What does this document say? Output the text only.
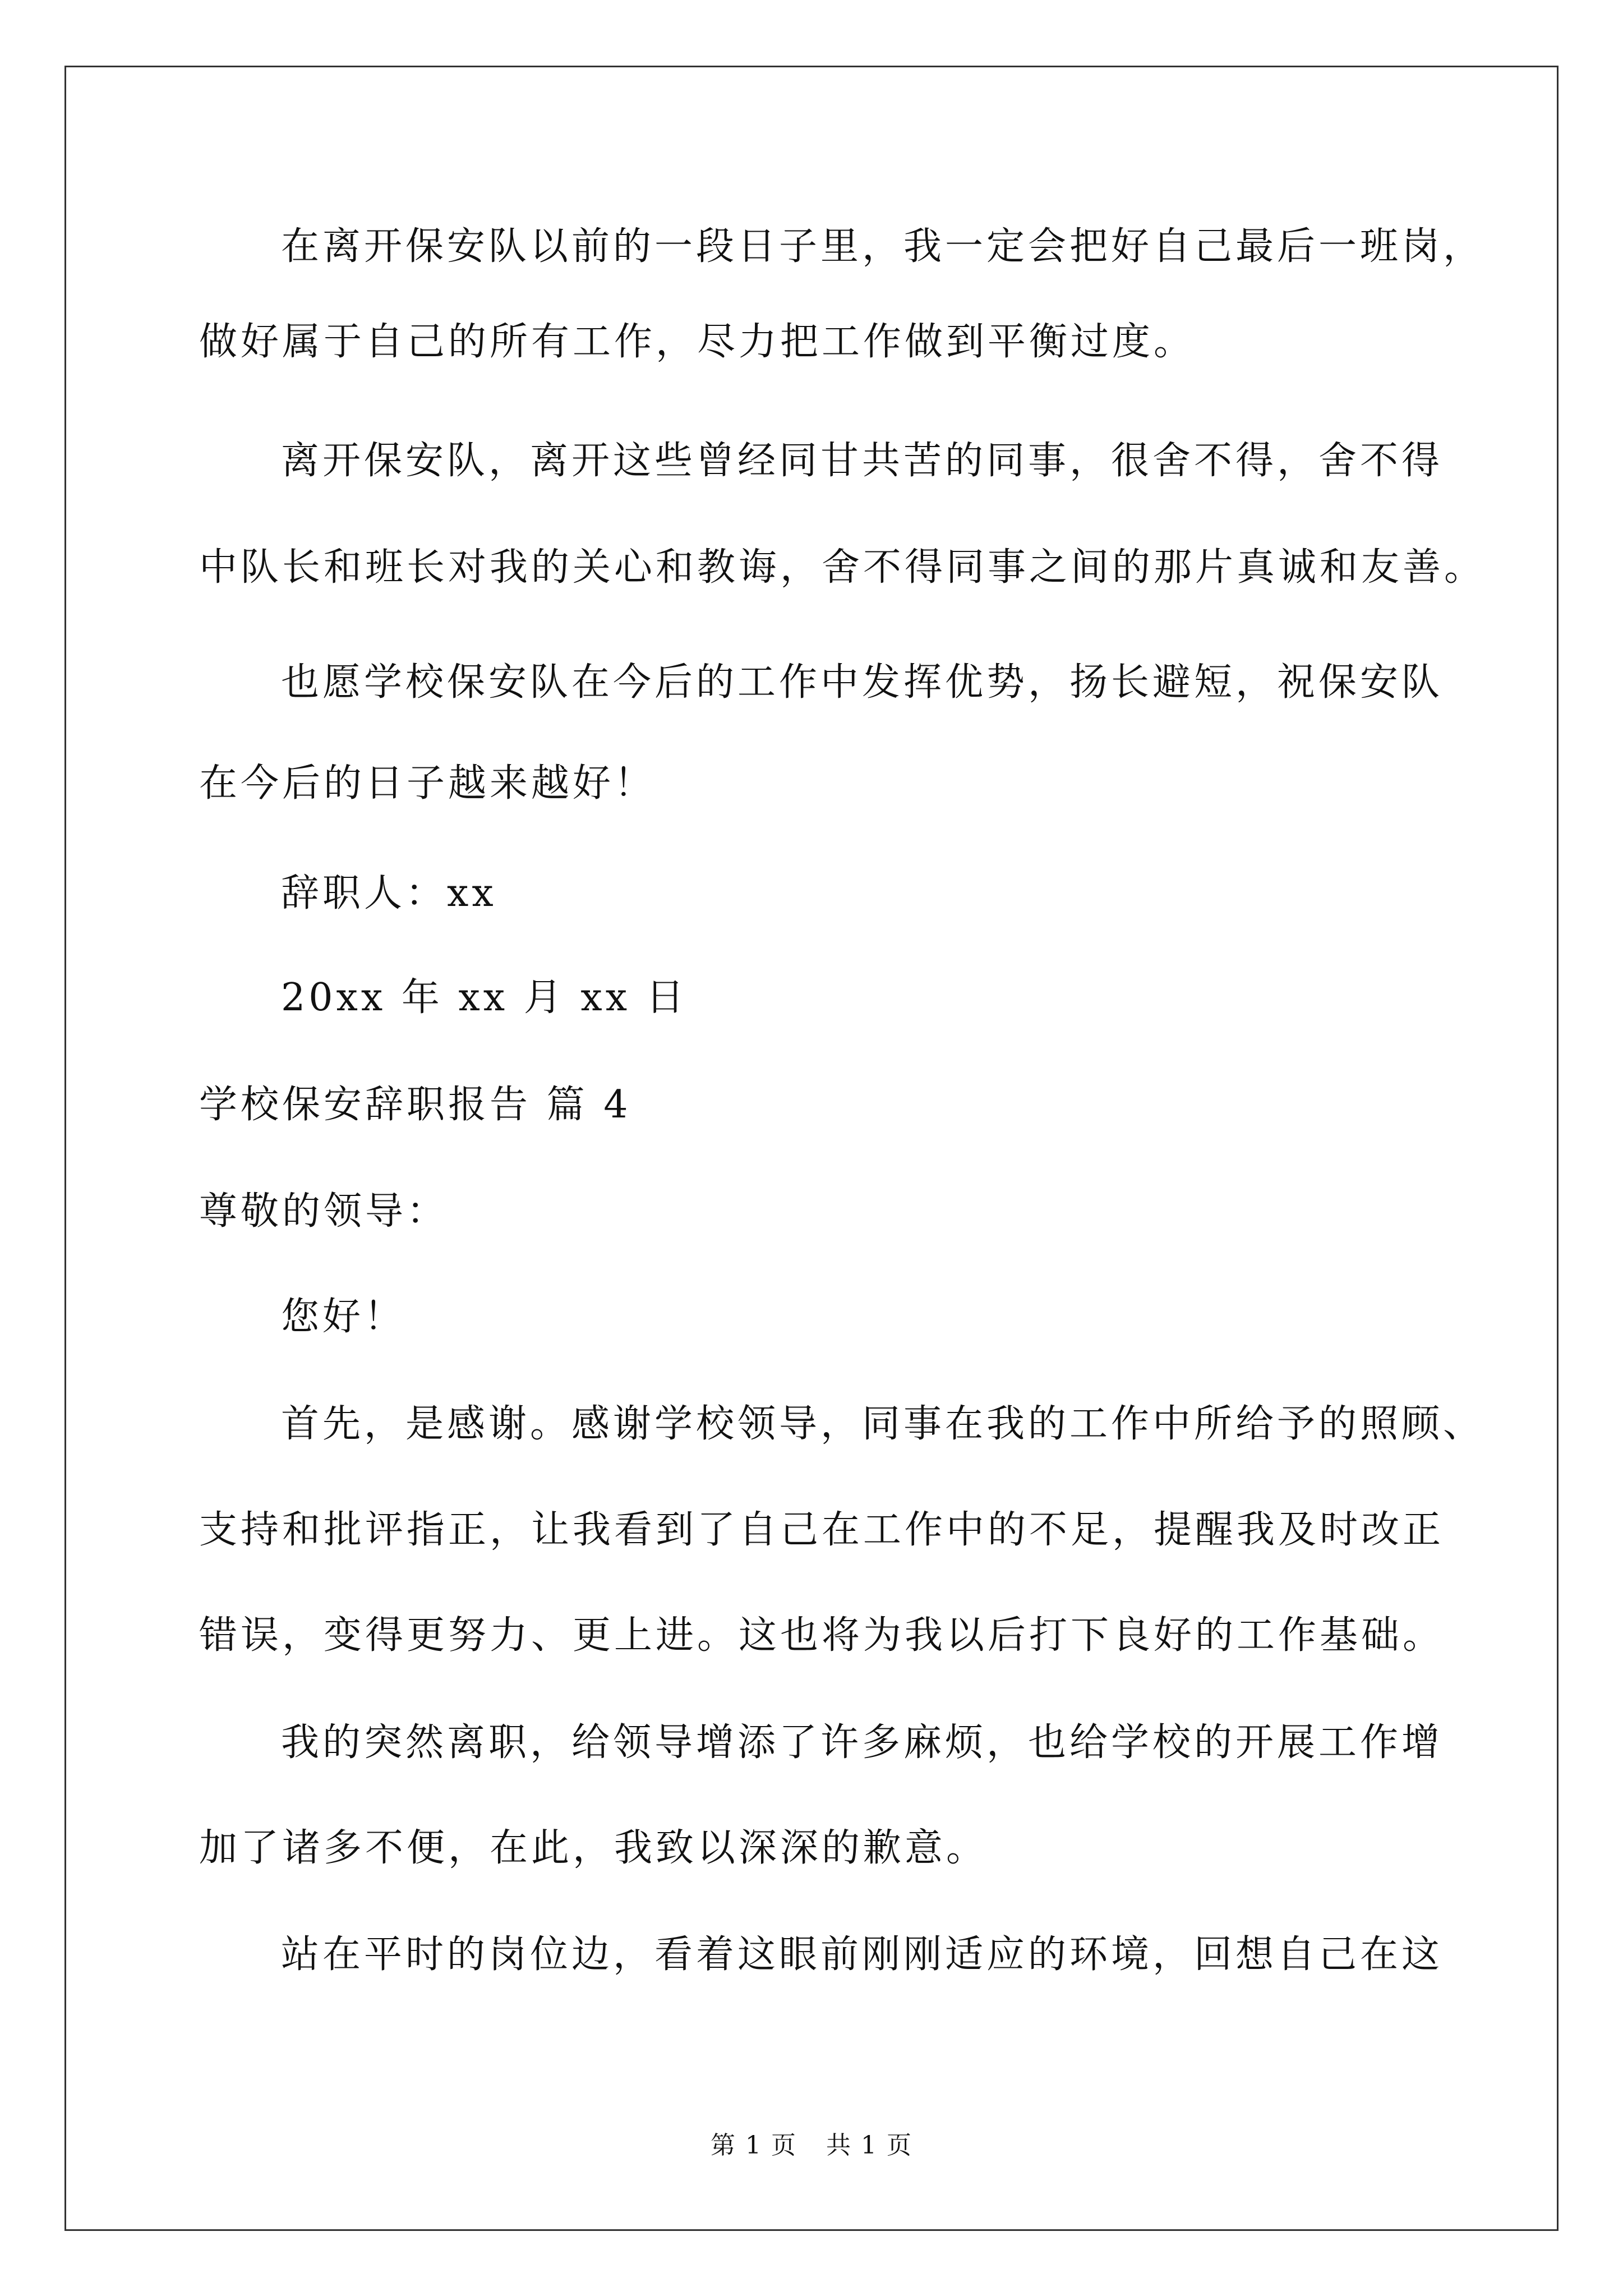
在离开保安队以前的一段日子里，我一定会把好自己最后一班岗，
做好属于自己的所有工作，尽力把工作做到平衡过度。
离开保安队，离开这些曾经同甘共苦的同事，很舍不得，舍不得
中队长和班长对我的关心和教诲，舍不得同事之间的那片真诚和友善。
也愿学校保安队在今后的工作中发挥优势，扬长避短，祝保安队
在今后的日子越来越好！
辞职人：xx
20xx 年 xx 月 xx 日
学校保安辞职报告 篇 4
尊敬的领导：
您好！
首先，是感谢。感谢学校领导，同事在我的工作中所给予的照顾、
支持和批评指正，让我看到了自己在工作中的不足，提醒我及时改正
错误，变得更努力、更上进。这也将为我以后打下良好的工作基础。
我的突然离职，给领导增添了许多麻烦，也给学校的开展工作增
加了诸多不便，在此，我致以深深的歉意。
站在平时的岗位边，看着这眼前刚刚适应的环境，回想自己在这
第 1 页 共 1 页
